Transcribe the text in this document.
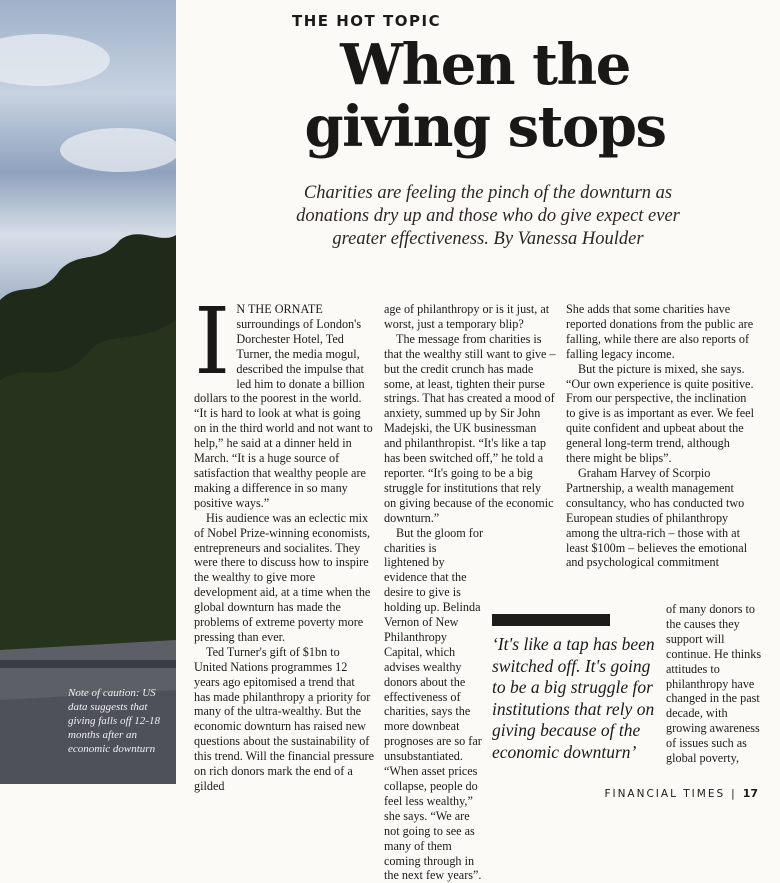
Note of caution: US data suggests that giving falls off 12-18 months after an economic downturn

THE HOT TOPIC

When the giving stops

Charities are feeling the pinch of the downturn as donations dry up and those who do give expect ever greater effectiveness. By Vanessa Houlder

I N THE ORNATE surroundings of London's Dorchester Hotel, Ted Turner, the media mogul, described the impulse that led him to donate a billion dollars to the poorest in the world. “It is hard to look at what is going on in the third world and not want to help,” he said at a dinner held in March. “It is a huge source of satisfaction that wealthy people are making a difference in so many positive ways.”

His audience was an eclectic mix of Nobel Prize-winning economists, entrepreneurs and socialites. They were there to discuss how to inspire the wealthy to give more development aid, at a time when the global downturn has made the problems of extreme poverty more pressing than ever.

Ted Turner's gift of $1bn to United Nations programmes 12 years ago epitomised a trend that has made philanthropy a priority for many of the ultra-wealthy. But the economic downturn has raised new questions about the sustainability of this trend. Will the financial pressure on rich donors mark the end of a gilded

age of philanthropy or is it just, at worst, just a temporary blip?

The message from charities is that the wealthy still want to give – but the credit crunch has made some, at least, tighten their purse strings. That has created a mood of anxiety, summed up by Sir John Madejski, the UK businessman and philanthropist. “It's like a tap has been switched off,” he told a reporter. “It's going to be a big struggle for institutions that rely on giving because of the economic downturn.”

But the gloom for charities is lightened by evidence that the desire to give is holding up. Belinda Vernon of New Philanthropy Capital, which advises wealthy donors about the effectiveness of charities, says the more downbeat prognoses are so far unsubstantiated. “When asset prices collapse, people do feel less wealthy,” she says. “We are not going to see as many of them coming through in the next few years”.

She adds that some charities have reported donations from the public are falling, while there are also reports of falling legacy income.

But the picture is mixed, she says. “Our own experience is quite positive. From our perspective, the inclination to give is as important as ever. We feel quite confident and upbeat about the general long-term trend, although there might be blips”.

Graham Harvey of Scorpio Partnership, a wealth management consultancy, who has conducted two European studies of philanthropy among the ultra-rich – those with at least $100m – believes the emotional and psychological commitment

of many donors to the causes they support will continue. He thinks attitudes to philanthropy have changed in the past decade, with growing awareness of issues such as global poverty,

‘It's like a tap has been switched off. It's going to be a big struggle for institutions that rely on giving because of the economic downturn’

FINANCIAL TIMES | 17
